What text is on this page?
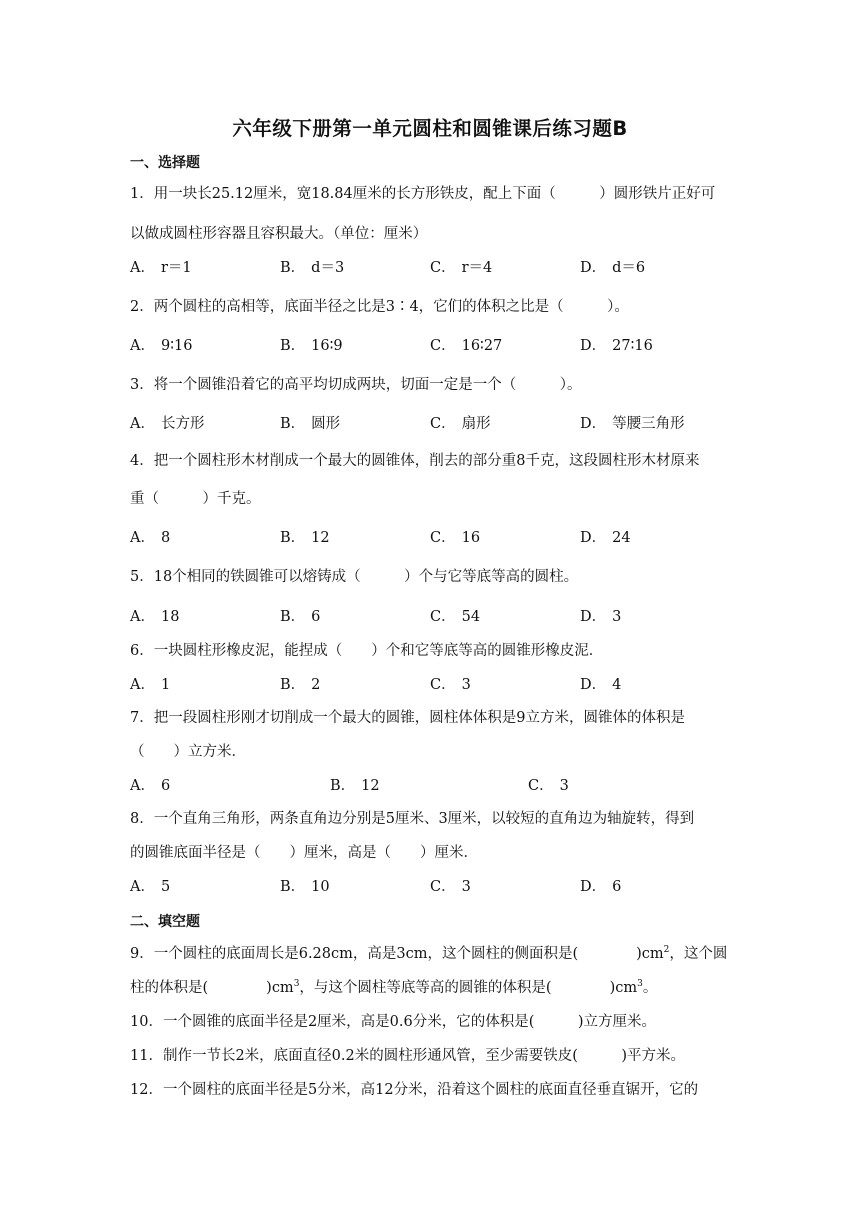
六年级下册第一单元圆柱和圆锥课后练习题B
一、选择题
1．用一块长25.12厘米，宽18.84厘米的长方形铁皮，配上下面（　　　）圆形铁片正好可
以做成圆柱形容器且容积最大。（单位：厘米）
A． r＝1	B． d＝3	C． r＝4	D． d＝6
2．两个圆柱的高相等，底面半径之比是3∶4，它们的体积之比是（　　　）。
A． 9∶16	B． 16∶9	C． 16∶27	D． 27∶16
3．将一个圆锥沿着它的高平均切成两块，切面一定是一个（　　　）。
A． 长方形	B． 圆形	C． 扇形	D． 等腰三角形
4．把一个圆柱形木材削成一个最大的圆锥体，削去的部分重8千克，这段圆柱形木材原来
重（　　　）千克。
A． 8	B． 12	C． 16	D． 24
5．18个相同的铁圆锥可以熔铸成（　　　）个与它等底等高的圆柱。
A． 18	B． 6	C． 54	D． 3
6．一块圆柱形橡皮泥，能捏成（　　）个和它等底等高的圆锥形橡皮泥．
A． 1	B． 2	C． 3	D． 4
7．把一段圆柱形刚才切削成一个最大的圆锥，圆柱体体积是9立方米，圆锥体的体积是
（　　）立方米．
A． 6	B． 12	C． 3
8．一个直角三角形，两条直角边分别是5厘米、3厘米，以较短的直角边为轴旋转，得到
的圆锥底面半径是（　　）厘米，高是（　　）厘米．
A． 5	B． 10	C． 3	D． 6
二、填空题
9．一个圆柱的底面周长是6.28cm，高是3cm，这个圆柱的侧面积是(　　　　)$cm^2$，这个圆
柱的体积是(　　　　)$cm^3$，与这个圆柱等底等高的圆锥的体积是(　　　　)$cm^3$。
10．一个圆锥的底面半径是2厘米，高是0.6分米，它的体积是(　　　)立方厘米。
11．制作一节长2米，底面直径0.2米的圆柱形通风管，至少需要铁皮(　　　)平方米。
12．一个圆柱的底面半径是5分米，高12分米，沿着这个圆柱的底面直径垂直锯开，它的
